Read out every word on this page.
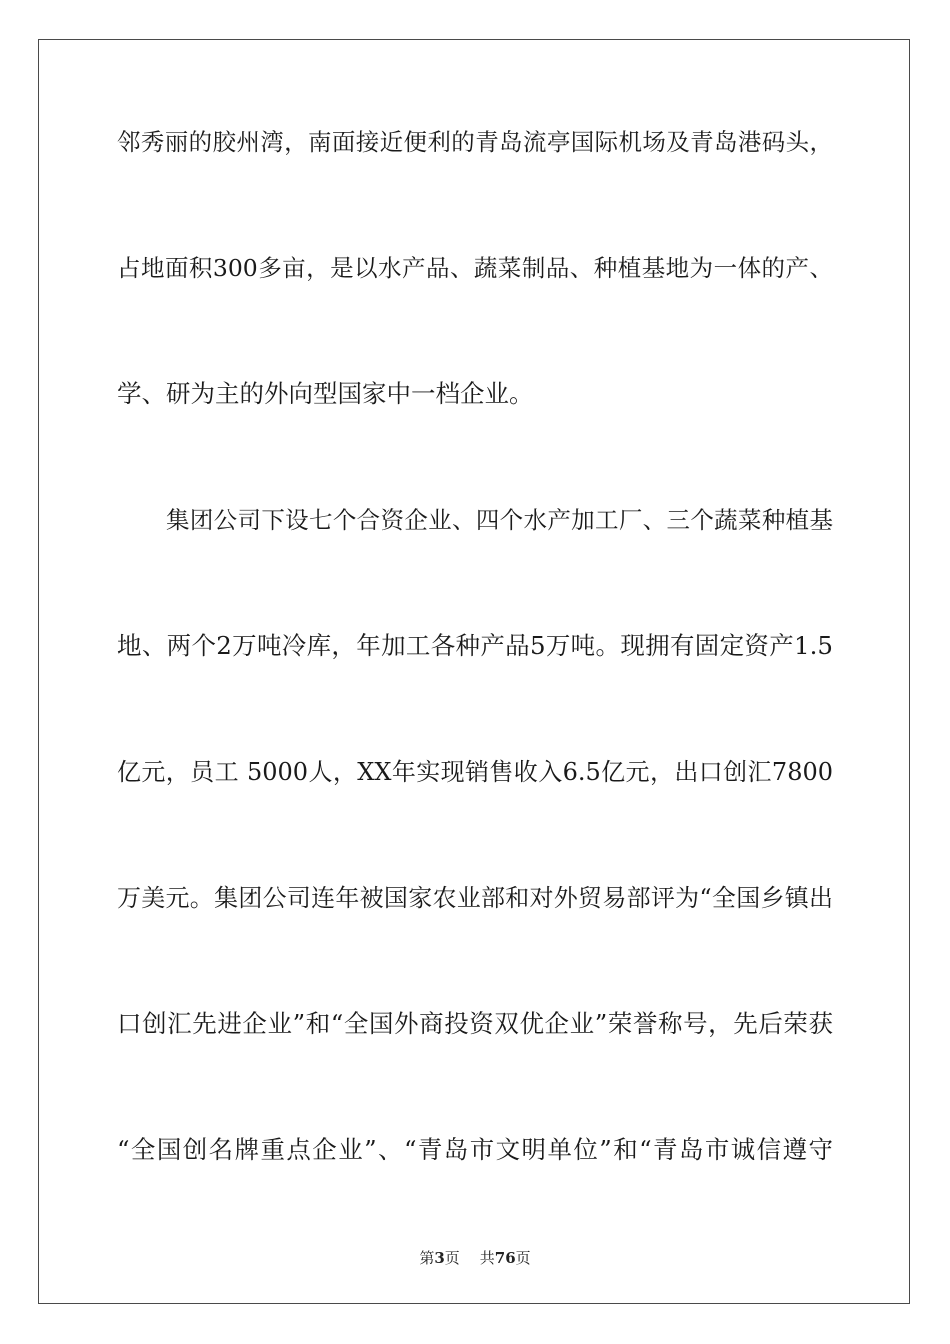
邻秀丽的胶州湾，南面接近便利的青岛流亭国际机场及青岛港码头，
占地面积300多亩，是以水产品、蔬菜制品、种植基地为一体的产、
学、研为主的外向型国家中一档企业。
集团公司下设七个合资企业、四个水产加工厂、三个蔬菜种植基
地、两个2万吨冷库，年加工各种产品5万吨。现拥有固定资产1.5
亿元，员工 5000人，XX年实现销售收入6.5亿元，出口创汇7800
万美元。集团公司连年被国家农业部和对外贸易部评为“全国乡镇出
口创汇先进企业”和“全国外商投资双优企业”荣誉称号，先后荣获
“全国创名牌重点企业”、“青岛市文明单位”和“青岛市诚信遵守
第3页 共76页
